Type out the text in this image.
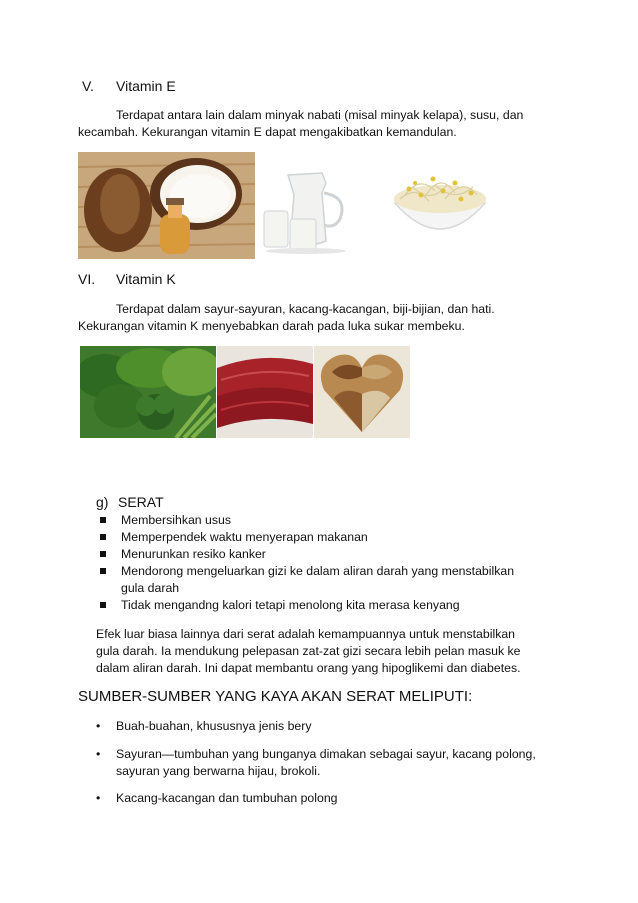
V. Vitamin E
Terdapat antara lain dalam minyak nabati (misal minyak kelapa), susu, dan
kecambah. Kekurangan vitamin E dapat mengakibatkan kemandulan.
VI. Vitamin K
Terdapat dalam sayur-sayuran, kacang-kacangan, biji-bijian, dan hati.
Kekurangan vitamin K menyebabkan darah pada luka sukar membeku.
g) SERAT
Membersihkan usus
Memperpendek waktu menyerapan makanan
Menurunkan resiko kanker
Mendorong mengeluarkan gizi ke dalam aliran darah yang menstabilkan
gula darah
Tidak mengandng kalori tetapi menolong kita merasa kenyang
Efek luar biasa lainnya dari serat adalah kemampuannya untuk menstabilkan
gula darah. Ia mendukung pelepasan zat-zat gizi secara lebih pelan masuk ke
dalam aliran darah. Ini dapat membantu orang yang hipoglikemi dan diabetes.
SUMBER-SUMBER YANG KAYA AKAN SERAT MELIPUTI:
• Buah-buahan, khususnya jenis bery
• Sayuran—tumbuhan yang bunganya dimakan sebagai sayur, kacang polong,
sayuran yang berwarna hijau, brokoli.
• Kacang-kacangan dan tumbuhan polong
